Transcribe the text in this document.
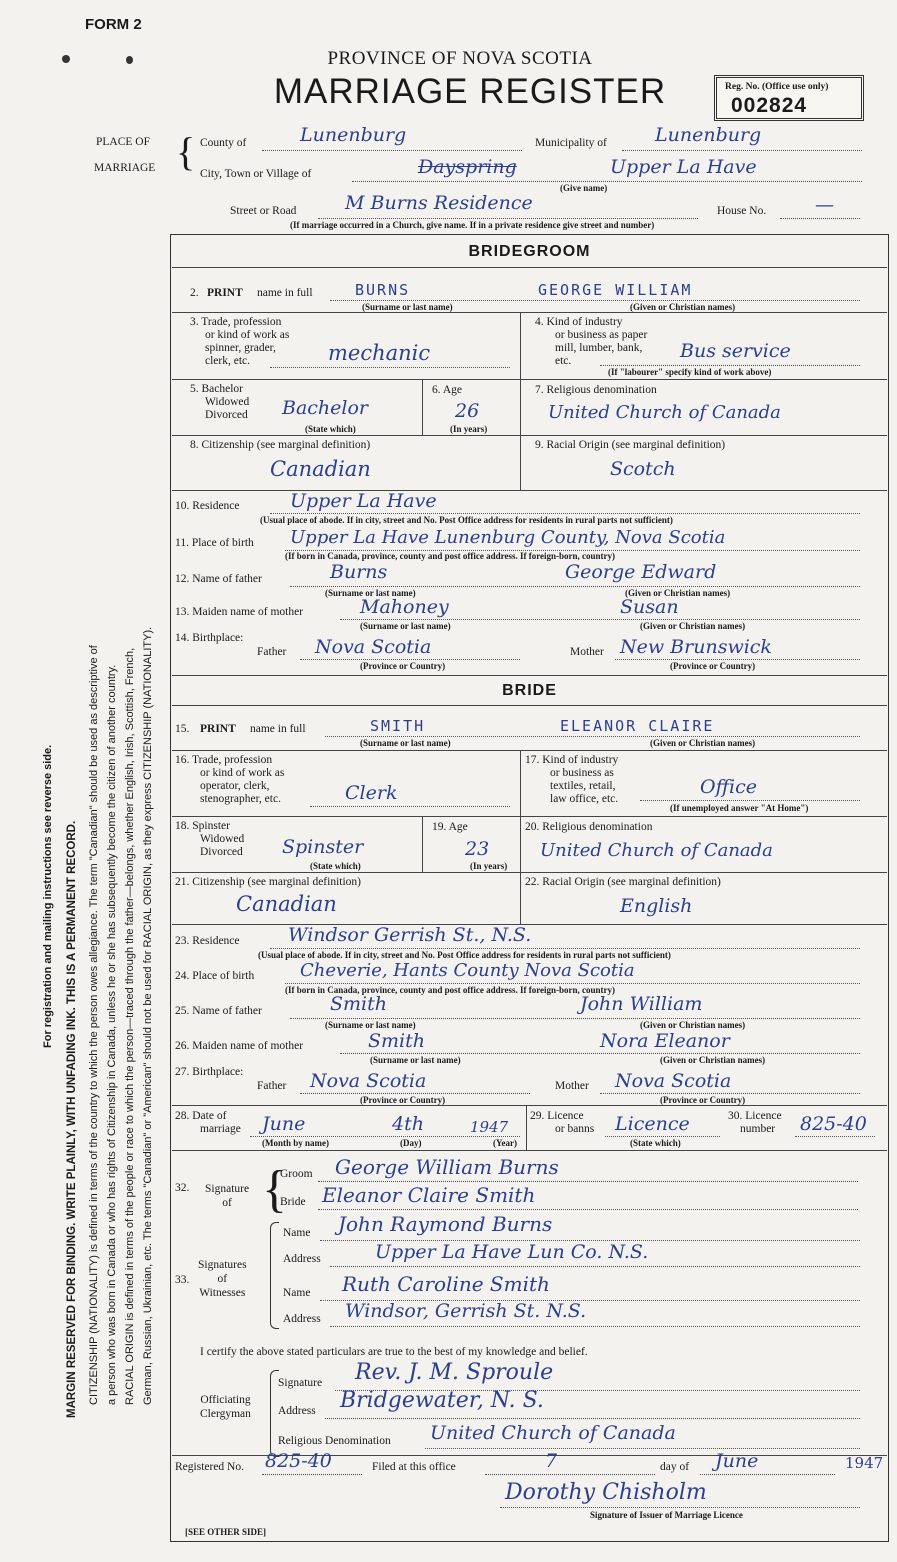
FORM 2
PROVINCE OF NOVA SCOTIA
MARRIAGE REGISTER	Reg. No. (Office use only)
002824
PLACE OF
MARRIAGE { County of	Lunenburg	Municipality of	Lunenburg
City, Town or Village of	Dayspring	Upper La Have
(Give name)
Street or Road	M Burns Residence	House No.	—
(If marriage occurred in a Church, give name. If in a private residence give street and number)
For registration and mailing instructions see reverse side. MARGIN RESERVED FOR BINDING. WRITE PLAINLY, WITH UNFADING INK. THIS IS A PERMANENT RECORD. CITIZENSHIP (NATIONALITY) is defined in terms of the country to which the person owes allegiance. The term "Canadian" should be used as descriptive of a person who was born in Canada or who has rights of Citizenship in Canada, unless he or she has subsequently become the citizen of another country. RACIAL ORIGIN is defined in terms of the people or race to which the person—traced through the father—belongs, whether English, Irish, Scottish, French, German, Russian, Ukrainian, etc. The terms "Canadian" or "American" should not be used for RACIAL ORIGIN, as they express CITIZENSHIP (NATIONALITY).
BRIDEGROOM
2. PRINT name in full	BURNS	GEORGE WILLIAM
(Surname or last name)	(Given or Christian names)
3. Trade, profession
or kind of work as
spinner, grader,
clerk, etc.	mechanic
4. Kind of industry
or business as paper
mill, lumber, bank,
etc.	Bus service
(If "labourer" specify kind of work above)
5. Bachelor
Widowed
Divorced Bachelor
(State which)
6. Age
26
(In years)
7. Religious denomination
United Church of Canada
8. Citizenship (see marginal definition)
Canadian
9. Racial Origin (see marginal definition)
Scotch
10. Residence	Upper La Have
(Usual place of abode. If in city, street and No. Post Office address for residents in rural parts not sufficient)
11. Place of birth Upper La Have Lunenburg County, Nova Scotia
(If born in Canada, province, county and post office address. If foreign-born, country)
12. Name of father	Burns	George Edward
(Surname or last name)	(Given or Christian names)
13. Maiden name of mother	Mahoney	Susan
(Surname or last name)	(Given or Christian names)
14. Birthplace:
Father Nova Scotia
(Province or Country)
Mother New Brunswick
(Province or Country)
BRIDE
15. PRINT name in full	SMITH	ELEANOR CLAIRE
(Surname or last name)	(Given or Christian names)
16. Trade, profession
or kind of work as
operator, clerk,
stenographer, etc.	Clerk
17. Kind of industry
or business as
textiles, retail,
law office, etc.
Office
(If unemployed answer "At Home")
18. Spinster
Widowed
Divorced Spinster
(State which)
19. Age
23
(In years)
20. Religious denomination
United Church of Canada
21. Citizenship (see marginal definition)
Canadian
22. Racial Origin (see marginal definition)
English
23. Residence	Windsor Gerrish St., N.S.
(Usual place of abode. If in city, street and No. Post Office address for residents in rural parts not sufficient)
24. Place of birth	Cheverie, Hants County Nova Scotia
(If born in Canada, province, county and post office address. If foreign-born, country)
25. Name of father	Smith	John William
(Surname or last name)	(Given or Christian names)
26. Maiden name of mother	Smith	Nora Eleanor
(Surname or last name)	(Given or Christian names)
27. Birthplace:
Father Nova Scotia
(Province or Country)
Mother Nova Scotia
(Province or Country)
28. Date of
marriage June	4th	1947
(Month by name)	(Day)	(Year)
29. Licence
or banns Licence
(State which)
30. Licence
number	825-40
32. Signature
of {
Groom George William Burns
Bride Eleanor Claire Smith
33.
Signatures
of
Witnesses
Name John Raymond Burns
Address	Upper La Have Lun Co. N.S.
Name Ruth Caroline Smith
Address Windsor, Gerrish St. N.S.
I certify the above stated particulars are true to the best of my knowledge and belief.
Officiating
Clergyman
Signature Rev. J. M. Sproule
Address Bridgewater, N. S.
Religious Denomination United Church of Canada
Registered No. 825-40	Filed at this office	7	day of June	1947
Dorothy Chisholm
Signature of Issuer of Marriage Licence
[SEE OTHER SIDE]
